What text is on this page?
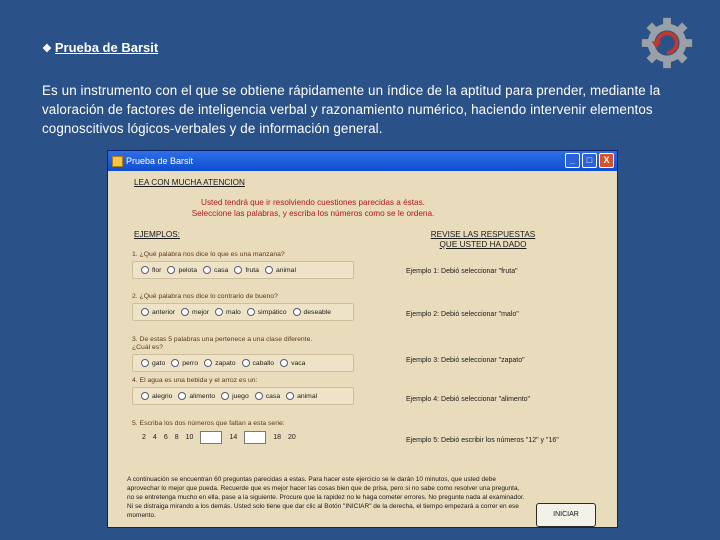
❖ Prueba de Barsit
Es un instrumento con el que se obtiene rápidamente un índice de la aptitud para prender, mediante la valoración de factores de inteligencia verbal y razonamiento numérico, haciendo intervenir elementos cognoscitivos lógicos-verbales y de información general.
Prueba de Barsit	_	□	X
LEA CON MUCHA ATENCION
Usted tendrá que ir resolviendo cuestiones parecidas a éstas.
Seleccione las palabras, y escriba los números como se le ordena.
EJEMPLOS:	REVISE LAS RESPUESTAS
QUE USTED HA DADO
1. ¿Qué palabra nos dice lo que es una manzana?
flor	pelota	casa	fruta	animal	Ejemplo 1: Debió seleccionar "fruta"
2. ¿Qué palabra nos dice lo contrario de bueno?
anterior	mejor	malo	simpático	deseable	Ejemplo 2: Debió seleccionar "malo"
3. De estas 5 palabras una pertenece a una clase diferente. ¿Cuál es?
gato	perro	zapato	caballo	vaca	Ejemplo 3: Debió seleccionar "zapato"
4. El agua es una bebida y el arroz es un:
alegrio	alimento	juego	casa	animal	Ejemplo 4: Debió seleccionar "alimento"
5. Escriba los dos números que faltan a esta serie:
2 4 6 8 10	14	18 20	Ejemplo 5: Debió escribir los números "12" y "16"
A continuación se encuentran 60 preguntas parecidas a estas. Para hacer este ejercicio se le darán 10 minutos, que usted debe aprovechar lo mejor que pueda. Recuerde que es mejor hacer las cosas bien que de prisa, pero si no sabe como resolver una pregunta, no se entretenga mucho en ella, pase a la siguiente. Procure que la rapidez no le haga cometer errores. No pregunte nada al examinador. Ni se distraiga mirando a los demás. Usted solo tiene que dar clic al Botón "INICIAR" de la derecha, el tiempo empezará a correr en ese momento.	INICIAR
